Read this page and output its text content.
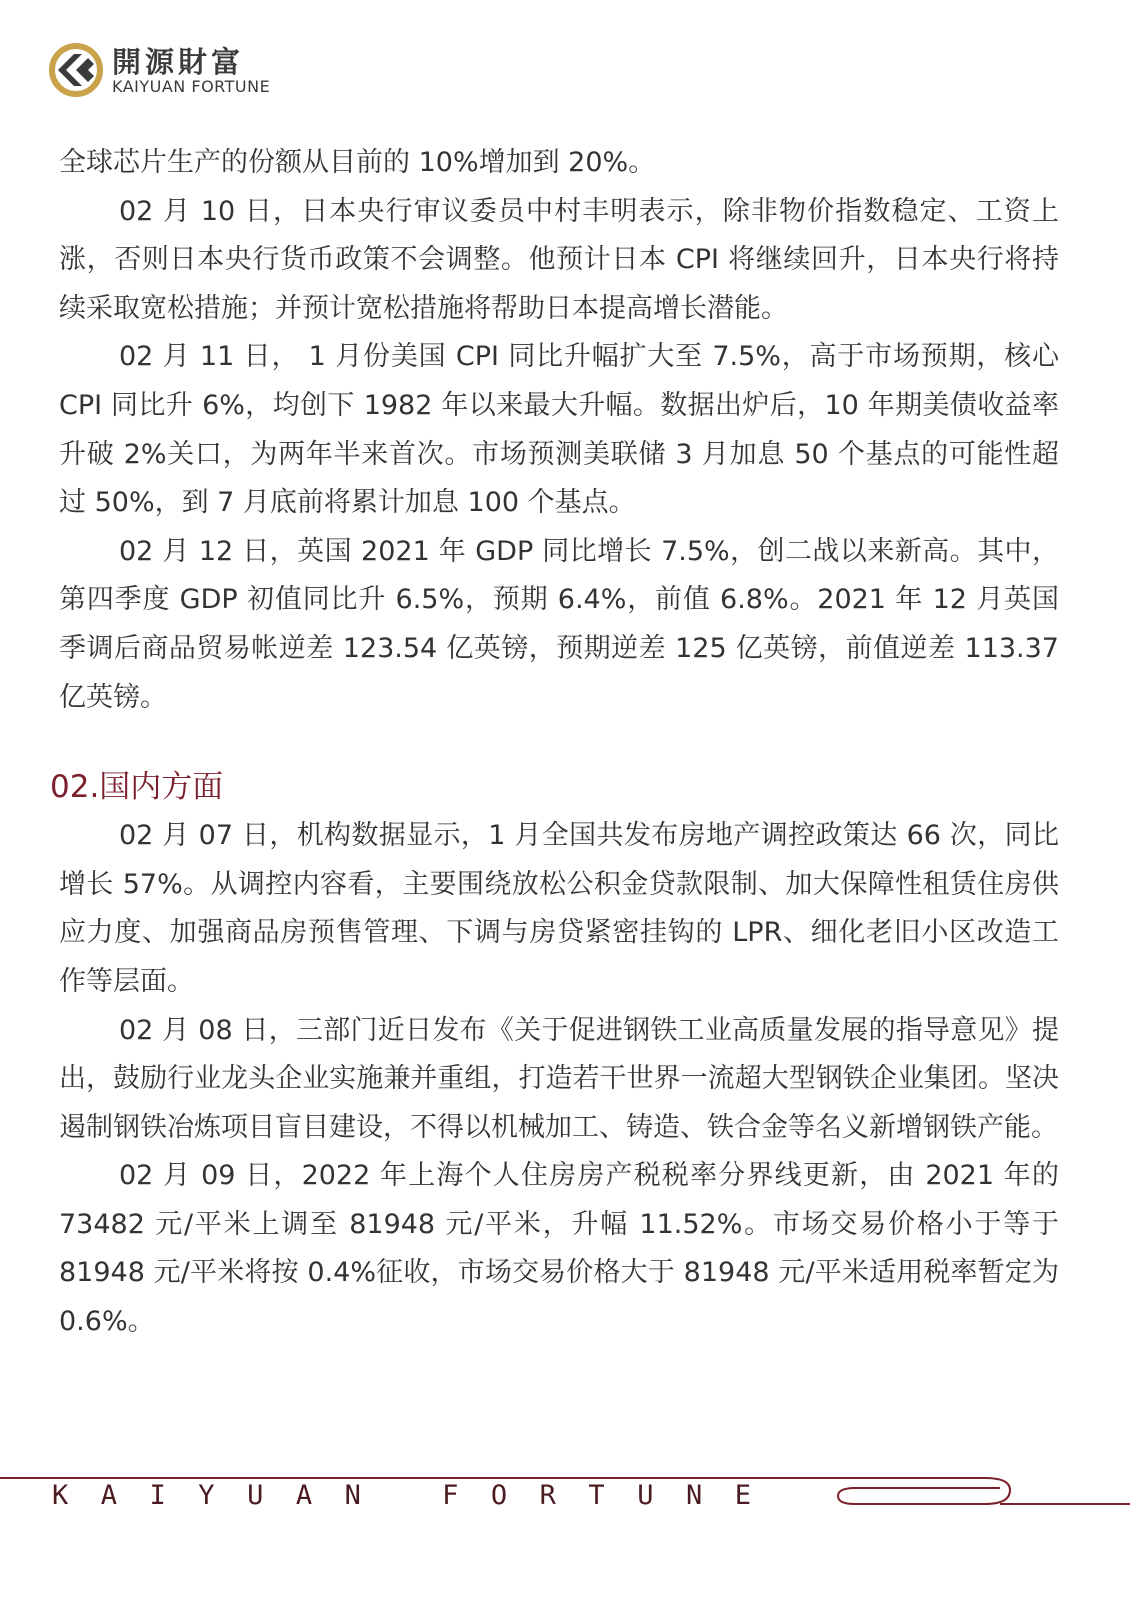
開源財富
KAIYUAN FORTUNE

全球芯片生产的份额从目前的 10%增加到 20%。

02 月 10 日，日本央行审议委员中村丰明表示，除非物价指数稳定、工资上涨，否则日本央行货币政策不会调整。他预计日本 CPI 将继续回升，日本央行将持续采取宽松措施；并预计宽松措施将帮助日本提高增长潜能。

02 月 11 日， 1 月份美国 CPI 同比升幅扩大至 7.5%，高于市场预期，核心 CPI 同比升 6%，均创下 1982 年以来最大升幅。数据出炉后，10 年期美债收益率升破 2%关口，为两年半来首次。市场预测美联储 3 月加息 50 个基点的可能性超过 50%，到 7 月底前将累计加息 100 个基点。

02 月 12 日，英国 2021 年 GDP 同比增长 7.5%，创二战以来新高。其中，第四季度 GDP 初值同比升 6.5%，预期 6.4%，前值 6.8%。2021 年 12 月英国季调后商品贸易帐逆差 123.54 亿英镑，预期逆差 125 亿英镑，前值逆差 113.37 亿英镑。

02.国内方面

02 月 07 日，机构数据显示，1 月全国共发布房地产调控政策达 66 次，同比增长 57%。从调控内容看，主要围绕放松公积金贷款限制、加大保障性租赁住房供应力度、加强商品房预售管理、下调与房贷紧密挂钩的 LPR、细化老旧小区改造工作等层面。

02 月 08 日，三部门近日发布《关于促进钢铁工业高质量发展的指导意见》提出，鼓励行业龙头企业实施兼并重组，打造若干世界一流超大型钢铁企业集团。坚决遏制钢铁冶炼项目盲目建设，不得以机械加工、铸造、铁合金等名义新增钢铁产能。

02 月 09 日，2022 年上海个人住房房产税税率分界线更新，由 2021 年的 73482 元/平米上调至 81948 元/平米，升幅 11.52%。市场交易价格小于等于 81948 元/平米将按 0.4%征收，市场交易价格大于 81948 元/平米适用税率暂定为 0.6%。

K  A  I  Y  U  A  N     F  O  R  T  U  N  E
